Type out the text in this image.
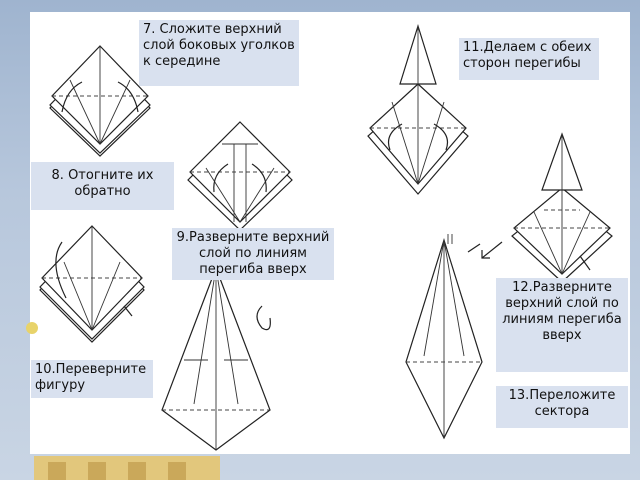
7. Сложите верхний слой боковых уголков к середине
11.Делаем с обеих сторон перегибы
8. Отогните их обратно
9.Разверните верхний слой по линиям перегиба вверх
12.Разверните верхний слой по линиям перегиба вверх
10.Переверните фигуру
13.Переложите сектора
